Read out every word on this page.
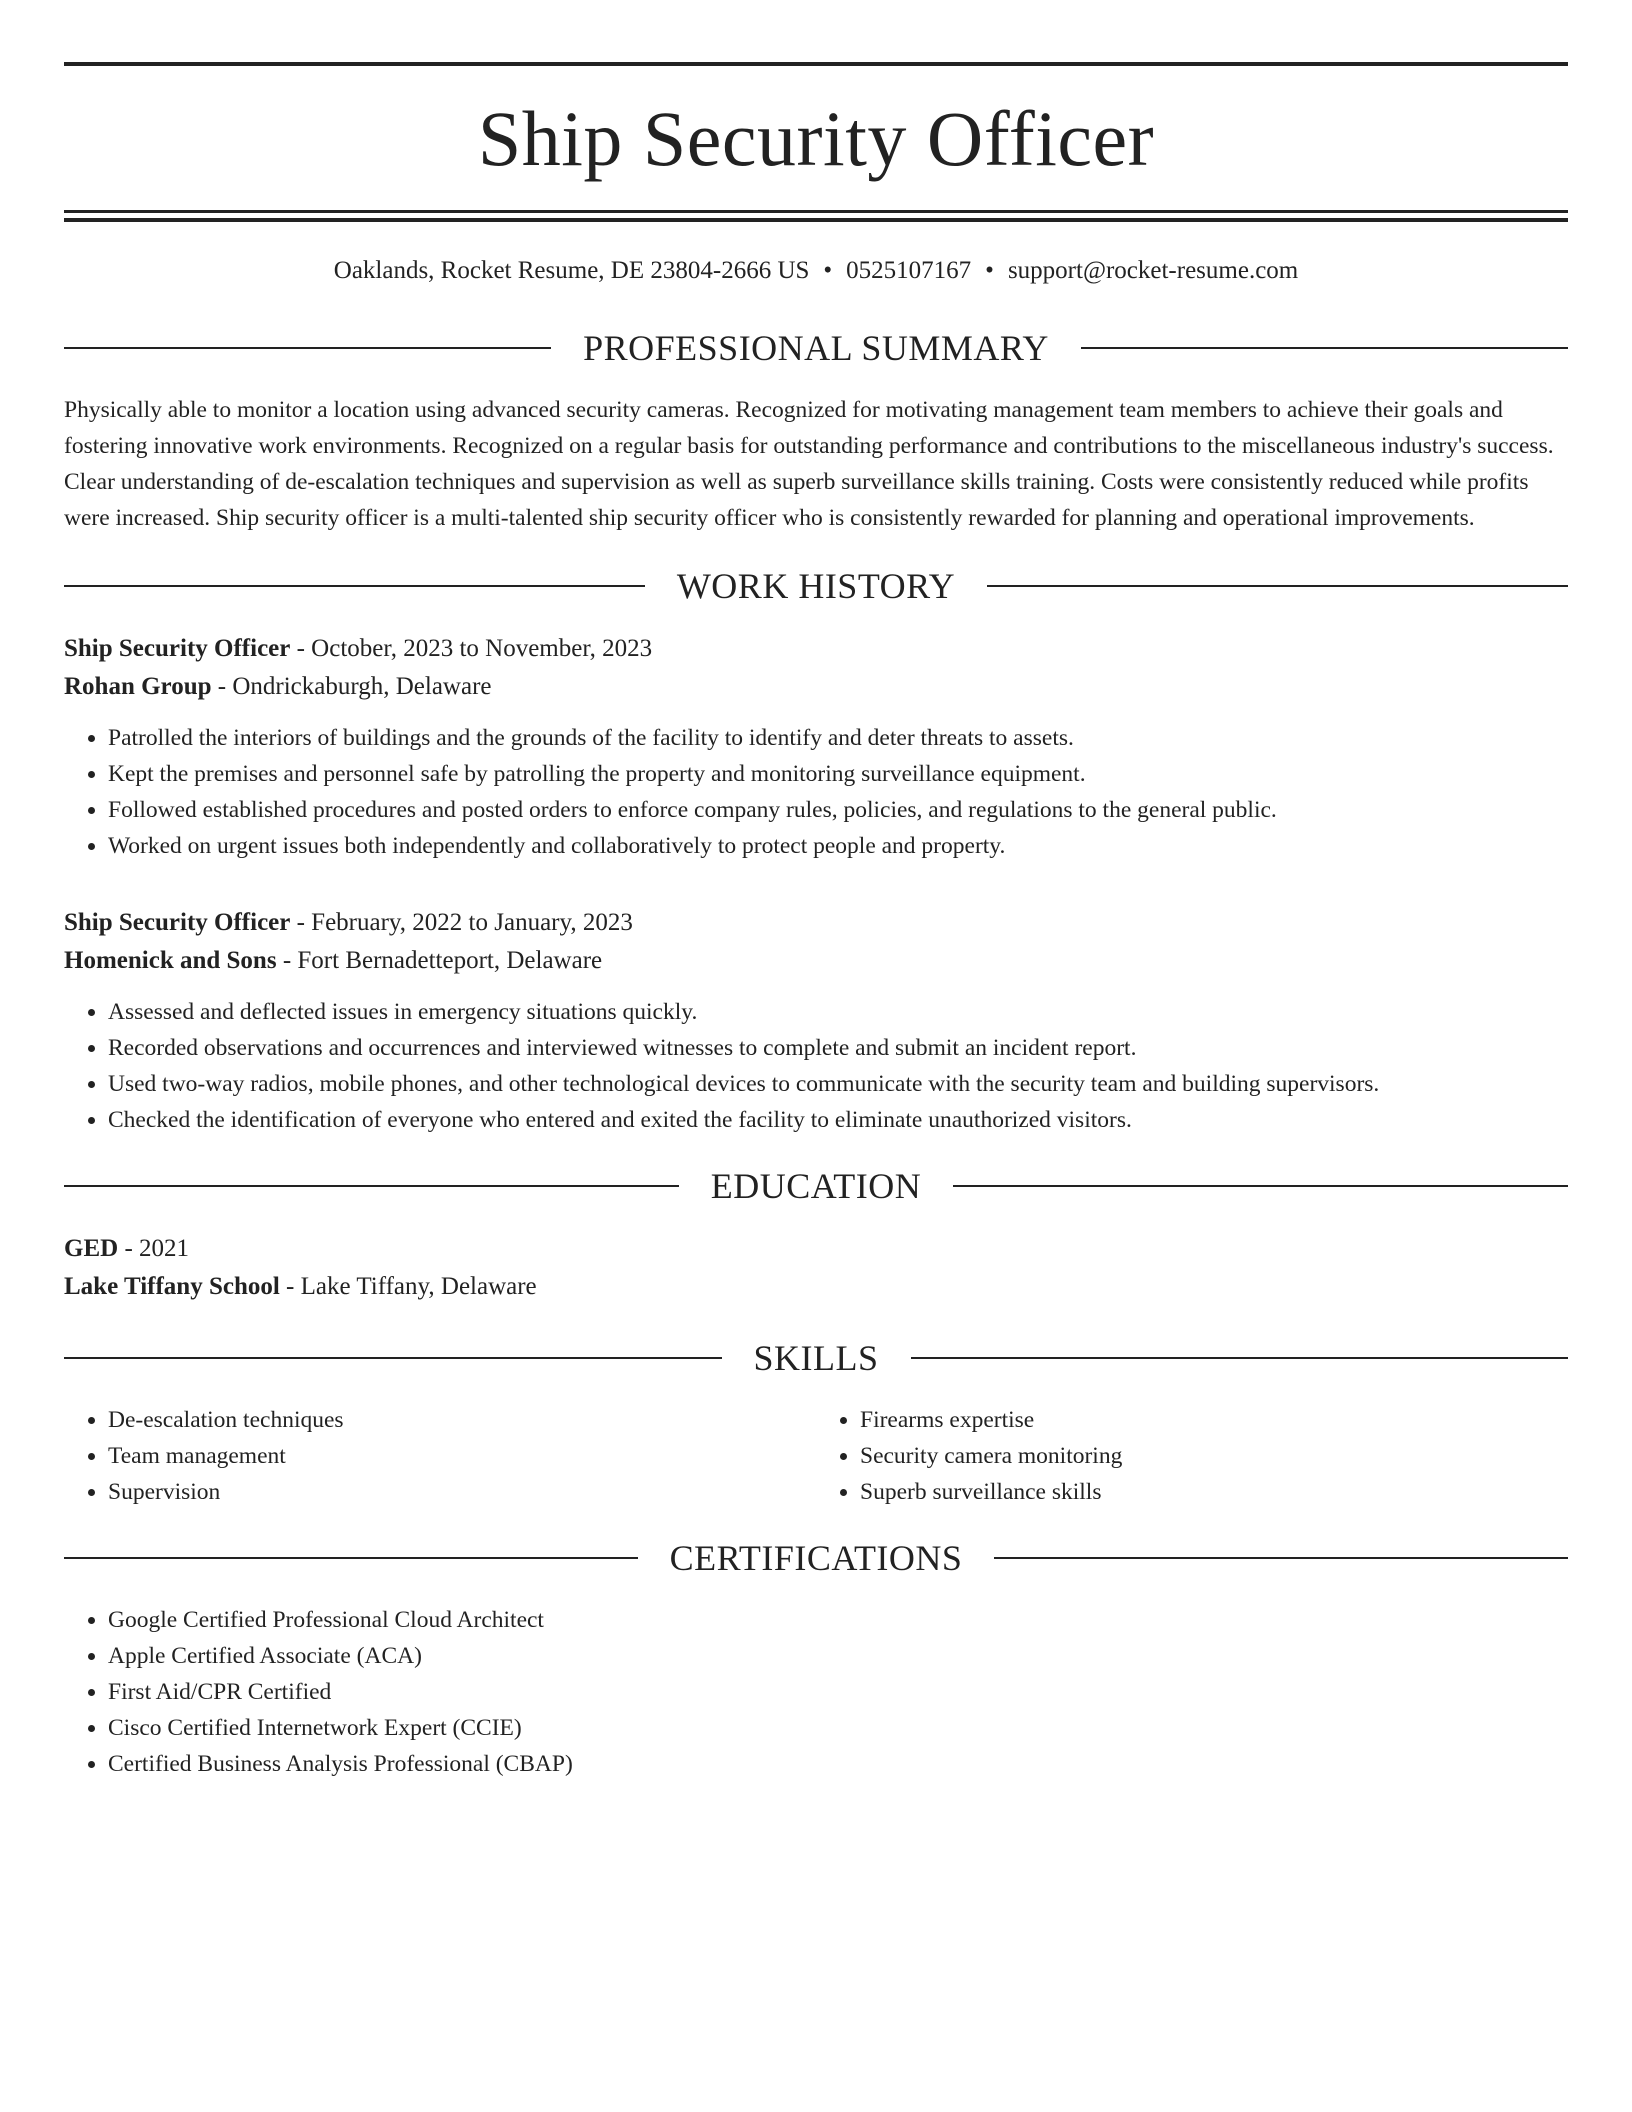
Ship Security Officer
Oaklands, Rocket Resume, DE 23804-2666 US • 0525107167 • support@rocket-resume.com
PROFESSIONAL SUMMARY

Physically able to monitor a location using advanced security cameras. Recognized for motivating management team members to achieve their goals and fostering innovative work environments. Recognized on a regular basis for outstanding performance and contributions to the miscellaneous industry's success. Clear understanding of de-escalation techniques and supervision as well as superb surveillance skills training. Costs were consistently reduced while profits were increased. Ship security officer is a multi-talented ship security officer who is consistently rewarded for planning and operational improvements.

WORK HISTORY
Ship Security Officer - October, 2023 to November, 2023
Rohan Group - Ondrickaburgh, Delaware
• Patrolled the interiors of buildings and the grounds of the facility to identify and deter threats to assets.
• Kept the premises and personnel safe by patrolling the property and monitoring surveillance equipment.
• Followed established procedures and posted orders to enforce company rules, policies, and regulations to the general public.
• Worked on urgent issues both independently and collaboratively to protect people and property.
Ship Security Officer - February, 2022 to January, 2023
Homenick and Sons - Fort Bernadetteport, Delaware
• Assessed and deflected issues in emergency situations quickly.
• Recorded observations and occurrences and interviewed witnesses to complete and submit an incident report.
• Used two-way radios, mobile phones, and other technological devices to communicate with the security team and building supervisors.
• Checked the identification of everyone who entered and exited the facility to eliminate unauthorized visitors.
EDUCATION
GED - 2021
Lake Tiffany School - Lake Tiffany, Delaware
SKILLS
• De-escalation techniques
• Team management
• Supervision
• Firearms expertise
• Security camera monitoring
• Superb surveillance skills
CERTIFICATIONS
• Google Certified Professional Cloud Architect
• Apple Certified Associate (ACA)
• First Aid/CPR Certified
• Cisco Certified Internetwork Expert (CCIE)
• Certified Business Analysis Professional (CBAP)
